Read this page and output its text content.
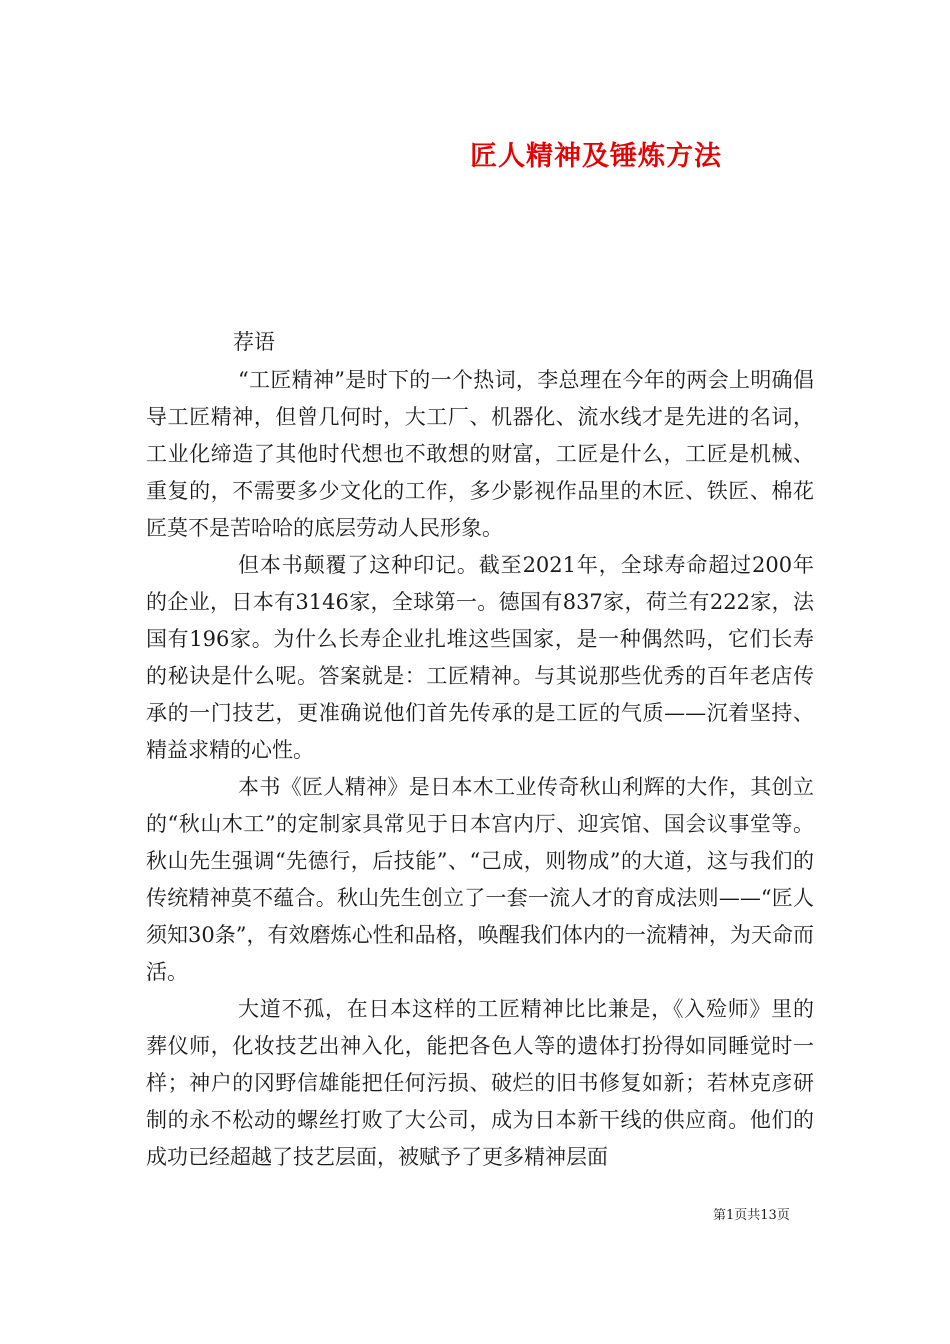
匠人精神及锤炼方法
荐语

“工匠精神”是时下的一个热词，李总理在今年的两会上明确倡导工匠精神，但曾几何时，大工厂、机器化、流水线才是先进的名词，工业化缔造了其他时代想也不敢想的财富，工匠是什么，工匠是机械、重复的，不需要多少文化的工作，多少影视作品里的木匠、铁匠、棉花匠莫不是苦哈哈的底层劳动人民形象。

但本书颠覆了这种印记。截至2021年，全球寿命超过200年的企业，日本有3146家，全球第一。德国有837家，荷兰有222家，法国有196家。为什么长寿企业扎堆这些国家，是一种偶然吗，它们长寿的秘诀是什么呢。答案就是：工匠精神。与其说那些优秀的百年老店传承的一门技艺，更准确说他们首先传承的是工匠的气质——沉着坚持、精益求精的心性。

本书《匠人精神》是日本木工业传奇秋山利辉的大作，其创立的“秋山木工”的定制家具常见于日本宫内厅、迎宾馆、国会议事堂等。秋山先生强调“先德行，后技能”、“己成，则物成”的大道，这与我们的传统精神莫不蕴合。秋山先生创立了一套一流人才的育成法则——“匠人须知30条”，有效磨炼心性和品格，唤醒我们体内的一流精神，为天命而活。

大道不孤，在日本这样的工匠精神比比兼是，《入殓师》里的葬仪师，化妆技艺出神入化，能把各色人等的遗体打扮得如同睡觉时一样；神户的冈野信雄能把任何污损、破烂的旧书修复如新；若林克彦研制的永不松动的螺丝打败了大公司，成为日本新干线的供应商。他们的成功已经超越了技艺层面，被赋予了更多精神层面

第1页共13页
